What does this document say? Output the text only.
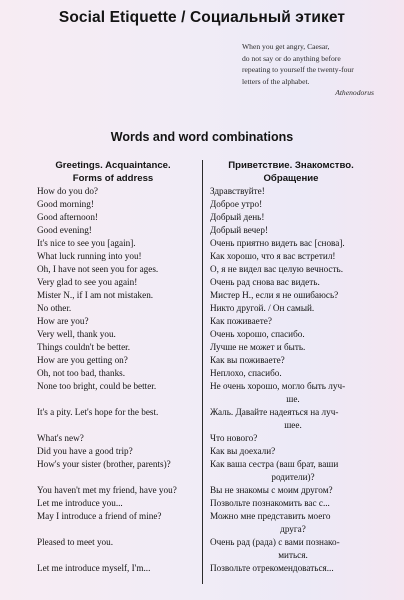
Social Etiquette / Социальный этикет
When you get angry, Caesar,
do not say or do anything before
repeating to yourself the twenty-four
letters of the alphabet.
Athenodorus
Words and word combinations
Greetings. Acquaintance.
Forms of address
Приветствие. Знакомство.
Обращение
How do you do?	Здравствуйте!
Good morning!	Доброе утро!
Good afternoon!	Добрый день!
Good evening!	Добрый вечер!
It's nice to see you [again].	Очень приятно видеть вас [снова].
What luck running into you!	Как хорошо, что я вас встретил!
Oh, I have not seen you for ages.	О, я не видел вас целую вечность.
Very glad to see you again!	Очень рад снова вас видеть.
Mister N., if I am not mistaken.	Мистер Н., если я не ошибаюсь?
No other.	Никто другой. / Он самый.
How are you?	Как поживаете?
Very well, thank you.	Очень хорошо, спасибо.
Things couldn't be better.	Лучше не может и быть.
How are you getting on?	Как вы поживаете?
Oh, not too bad, thanks.	Неплохо, спасибо.
None too bright, could be better.	Не очень хорошо, могло быть луч-
ше.
It's a pity. Let's hope for the best.	Жаль. Давайте надеяться на луч-
шее.
What's new?	Что нового?
Did you have a good trip?	Как вы доехали?
How's your sister (brother, parents)?	Как ваша сестра (ваш брат, ваши
родители)?
You haven't met my friend, have you?	Вы не знакомы с моим другом?
Let me introduce you...	Позвольте познакомить вас с...
May I introduce a friend of mine?	Можно мне представить моего
друга?
Pleased to meet you.	Очень рад (рада) с вами познако-
миться.
Let me introduce myself, I'm...	Позвольте отрекомендоваться...
